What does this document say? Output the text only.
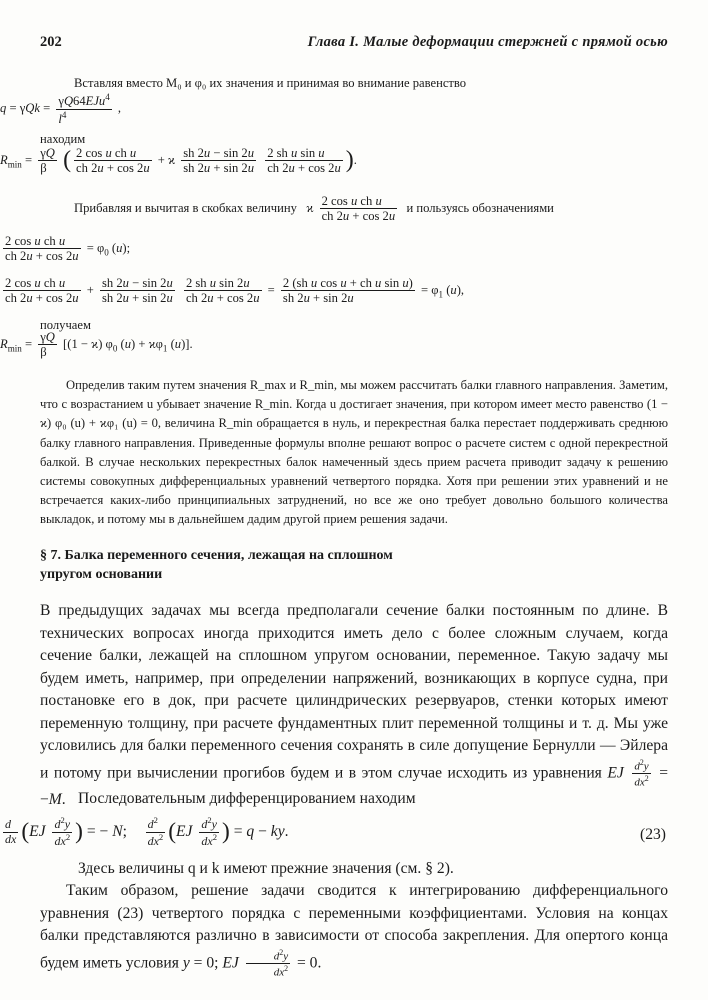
202	Глава I. Малые деформации стержней с прямой осью
Вставляя вместо M₀ и φ₀ их значения и принимая во внимание равенство
$q = \gamma Qk = \frac{\gamma Q64EJu^4}{l^4}$ ,
находим
$R_{min} = \frac{\gamma Q}{\beta}$ ( $\frac{\text{2 cos u ch u}}{ch 2u + \cos 2u} + ϰ \frac{sh 2u - \sin 2u}{sh 2u + \sin 2u}$
$\frac{\text{2 sh u sin u}}{ch 2u + \cos 2u}$ ).
Прибавляя и вычитая в скобках величину   ϰ $\frac{\text{2 cos u ch u}}{ch 2u + \cos 2u}$ и пользуясь обозначениями
$\frac{\text{2 cos u ch u}}{ch 2u + \cos 2u} = \varphi_0$ (u);
$\frac{\text{2 cos u ch u}}{ch 2u + \cos 2u} + \frac{sh 2u - \sin 2u}{sh 2u + \sin 2u}$
$\frac{\text{2 sh u sin 2u}}{ch 2u + \cos 2u} = \frac{\text{2 (sh u cos u + ch u sin u)}}{sh 2u + \sin 2u} = \varphi_1$ (u),
получаем
$R_{min} = \frac{\gamma Q}{\beta} [(1 - ϰ)$ $\varphi_0$ $(u) + ϰ\varphi_1$ (u)].
Определив таким путем значения R_max и R_min, мы можем рассчитать балки главного направления. Заметим, что с возрастанием u убывает значение R_min. Когда u достигает значения, при котором имеет место равенство (1 − ϰ) φ₀ (u) + ϰφ₁ (u) = 0, величина R_min обращается в нуль, и перекрестная балка перестает поддерживать среднюю балку главного направления. Приведенные формулы вполне решают вопрос о расчете систем с одной перекрестной балкой. В случае нескольких перекрестных балок намеченный здесь прием расчета приводит задачу к решению системы совокупных дифференциальных уравнений четвертого порядка. Хотя при решении этих уравнений и не встречается каких-либо принципиальных затруднений, но все же оно требует довольно большого количества выкладок, и потому мы в дальнейшем дадим другой прием решения задачи.
§ 7. Балка переменного сечения, лежащая на сплошном
упругом основании
В предыдущих задачах мы всегда предполагали сечение балки постоянным по длине. В технических вопросах иногда приходится иметь дело с более сложным случаем, когда сечение балки, лежащей на сплошном упругом основании, переменное. Такую задачу мы будем иметь, например, при определении напряжений, возникающих в корпусе судна, при постановке его в док, при расчете цилиндрических резервуаров, стенки которых имеют переменную толщину, при расчете фундаментных плит переменной толщины и т. д. Мы уже условились для балки переменного сечения сохранять в силе допущение Бернулли — Эйлера и потому при вычислении прогибов будем и в этом случае исходить из уравнения EJ $\frac{d^2y}{dx^2} = -M$. Последовательным дифференцированием находим
$\frac{d}{dx} (EJ \frac{d^2y}{dx^2}$ ) = − N; $\frac{d^2}{dx^2} (EJ \frac{d^2y}{dx^2}$ ) = q − ky.	(23)
Здесь величины q и k имеют прежние значения (см. § 2).
Таким образом, решение задачи сводится к интегрированию дифференциального уравнения (23) четвертого порядка с переменными коэффициентами. Условия на концах балки представляются различно в зависимости от способа закрепления. Для опертого конца будем иметь условия y = 0; EJ $\frac{d^2y}{dx^2} = 0$.
